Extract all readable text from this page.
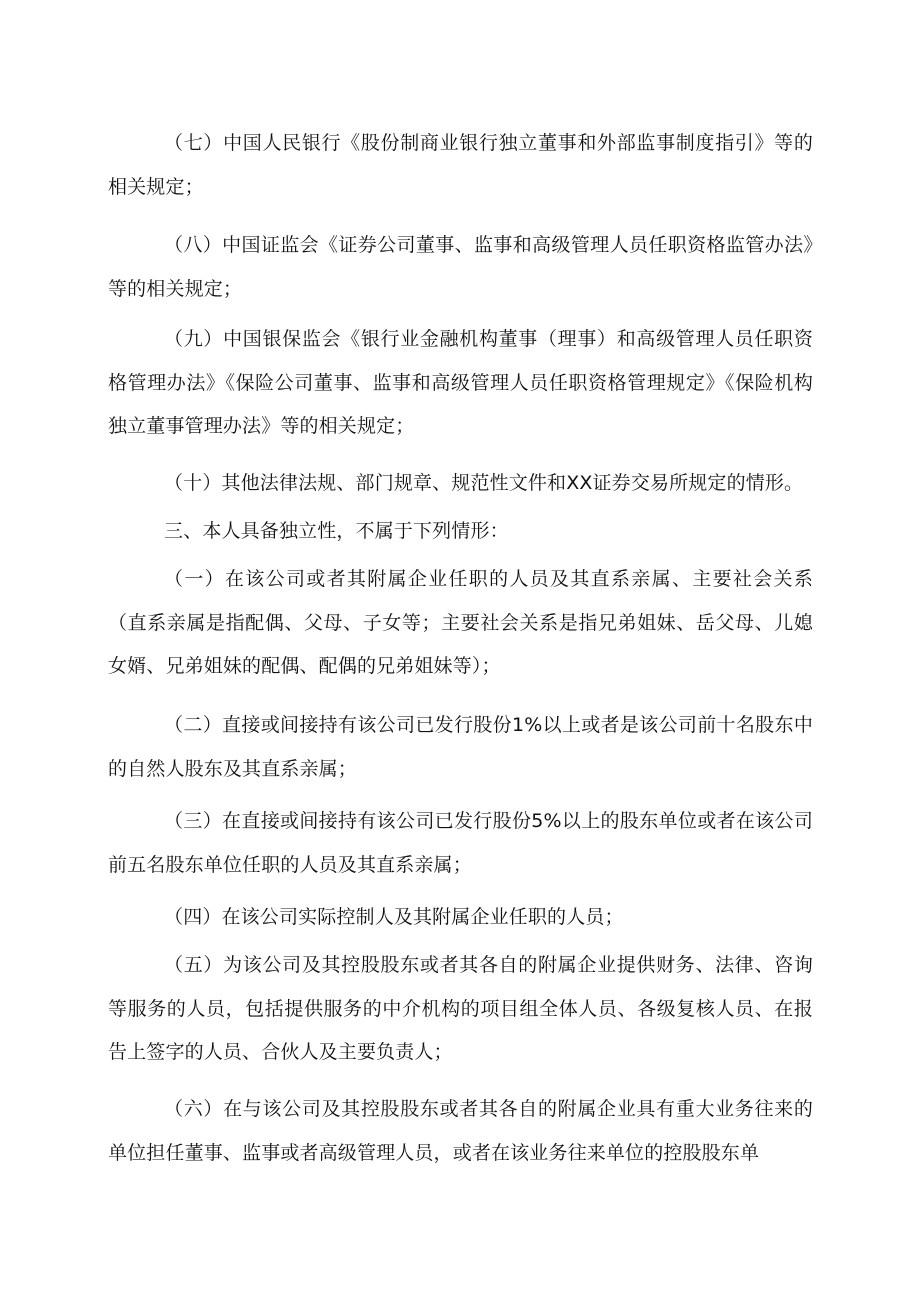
（七）中国人民银行《股份制商业银行独立董事和外部监事制度指引》等的相关规定；

（八）中国证监会《证券公司董事、监事和高级管理人员任职资格监管办法》等的相关规定；

（九）中国银保监会《银行业金融机构董事（理事）和高级管理人员任职资格管理办法》《保险公司董事、监事和高级管理人员任职资格管理规定》《保险机构独立董事管理办法》等的相关规定；

（十）其他法律法规、部门规章、规范性文件和XX证券交易所规定的情形。

三、本人具备独立性，不属于下列情形：

（一）在该公司或者其附属企业任职的人员及其直系亲属、主要社会关系（直系亲属是指配偶、父母、子女等；主要社会关系是指兄弟姐妹、岳父母、儿媳女婿、兄弟姐妹的配偶、配偶的兄弟姐妹等）；

（二）直接或间接持有该公司已发行股份1%以上或者是该公司前十名股东中的自然人股东及其直系亲属；

（三）在直接或间接持有该公司已发行股份5%以上的股东单位或者在该公司前五名股东单位任职的人员及其直系亲属；

（四）在该公司实际控制人及其附属企业任职的人员；

（五）为该公司及其控股股东或者其各自的附属企业提供财务、法律、咨询等服务的人员，包括提供服务的中介机构的项目组全体人员、各级复核人员、在报告上签字的人员、合伙人及主要负责人；

（六）在与该公司及其控股股东或者其各自的附属企业具有重大业务往来的单位担任董事、监事或者高级管理人员，或者在该业务往来单位的控股股东单
